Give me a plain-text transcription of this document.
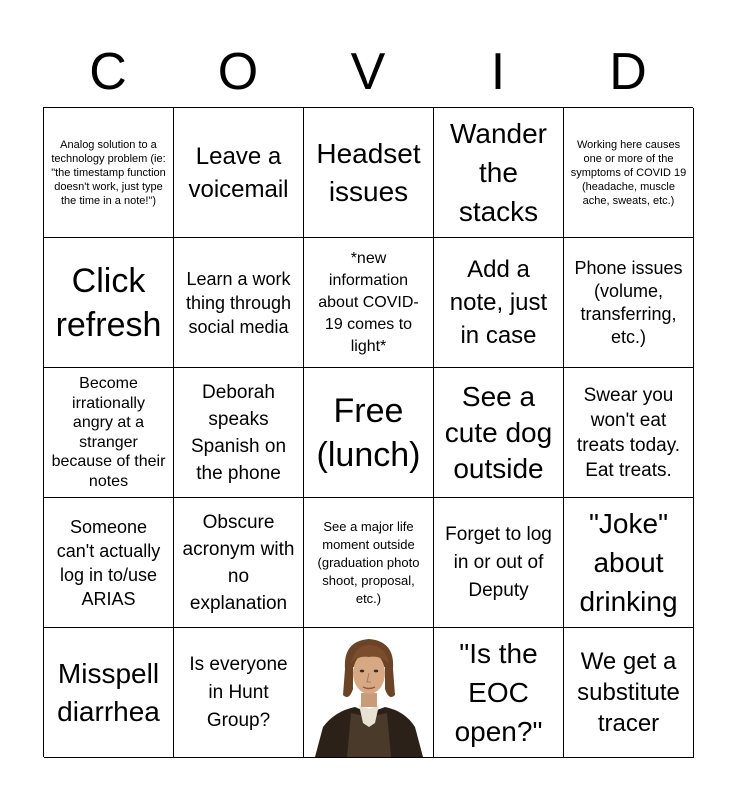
C	O	V	I	D
Analog solution to a technology problem (ie: "the timestamp function doesn't work, just type the time in a note!")
Leave a voicemail
Headset issues
Wander the stacks
Working here causes one or more of the symptoms of COVID 19 (headache, muscle ache, sweats, etc.)
Click refresh
Learn a work thing through social media
*new information about COVID-19 comes to light*
Add a note, just in case
Phone issues (volume, transferring, etc.)
Become irrationally angry at a stranger because of their notes
Deborah speaks Spanish on the phone
Free (lunch)
See a cute dog outside
Swear you won't eat treats today. Eat treats.
Someone can't actually log in to/use ARIAS
Obscure acronym with no explanation
See a major life moment outside (graduation photo shoot, proposal, etc.)
Forget to log in or out of Deputy
"Joke" about drinking
Misspell diarrhea
Is everyone in Hunt Group?
"Is the EOC open?"
We get a substitute tracer
